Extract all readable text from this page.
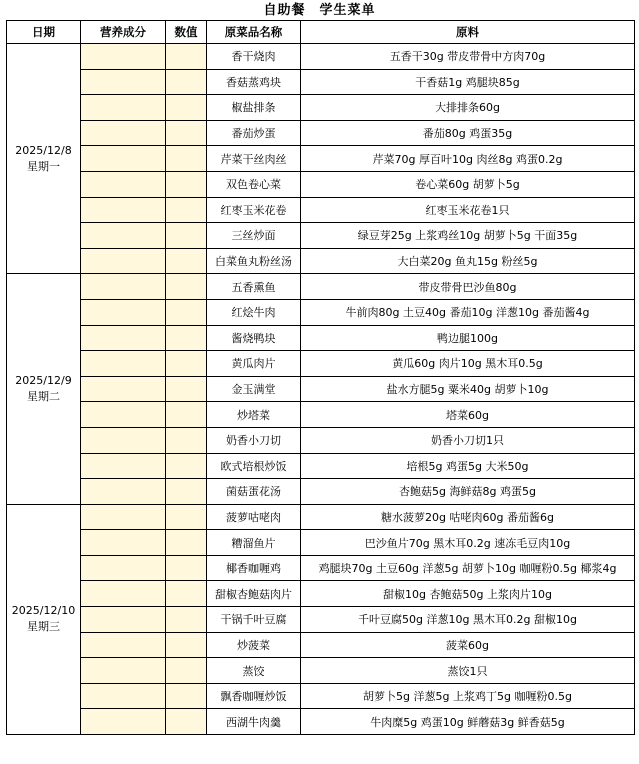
自助餐　学生菜单
日期	营养成分	数值	原菜品名称	原料

2025/12/8
星期一			香干烧肉	五香干30g 带皮带骨中方肉70g
			香菇蒸鸡块	干香菇1g 鸡腿块85g
			椒盐排条	大排排条60g
			番茄炒蛋	番茄80g 鸡蛋35g
			芹菜干丝肉丝	芹菜70g 厚百叶10g 肉丝8g 鸡蛋0.2g
			双色卷心菜	卷心菜60g 胡萝卜5g
			红枣玉米花卷	红枣玉米花卷1只
			三丝炒面	绿豆芽25g 上浆鸡丝10g 胡萝卜5g 干面35g
			白菜鱼丸粉丝汤	大白菜20g 鱼丸15g 粉丝5g

2025/12/9
星期二			五香熏鱼	带皮带骨巴沙鱼80g
			红烩牛肉	牛前肉80g 土豆40g 番茄10g 洋葱10g 番茄酱4g
			酱烧鸭块	鸭边腿100g
			黄瓜肉片	黄瓜60g 肉片10g 黑木耳0.5g
			金玉满堂	盐水方腿5g 粟米40g 胡萝卜10g
			炒塔菜	塔菜60g
			奶香小刀切	奶香小刀切1只
			欧式培根炒饭	培根5g 鸡蛋5g 大米50g
			菌菇蛋花汤	杏鲍菇5g 海鲜菇8g 鸡蛋5g

2025/12/10
星期三			菠萝咕咾肉	糖水菠萝20g 咕咾肉60g 番茄酱6g
			糟溜鱼片	巴沙鱼片70g 黑木耳0.2g 速冻毛豆肉10g
			椰香咖喱鸡	鸡腿块70g 土豆60g 洋葱5g 胡萝卜10g 咖喱粉0.5g 椰浆4g
			甜椒杏鲍菇肉片	甜椒10g 杏鲍菇50g 上浆肉片10g
			干锅千叶豆腐	千叶豆腐50g 洋葱10g 黑木耳0.2g 甜椒10g
			炒菠菜	菠菜60g
			蒸饺	蒸饺1只
			飘香咖喱炒饭	胡萝卜5g 洋葱5g 上浆鸡丁5g 咖喱粉0.5g
			西湖牛肉羹	牛肉糜5g 鸡蛋10g 鲜蘑菇3g 鲜香菇5g
